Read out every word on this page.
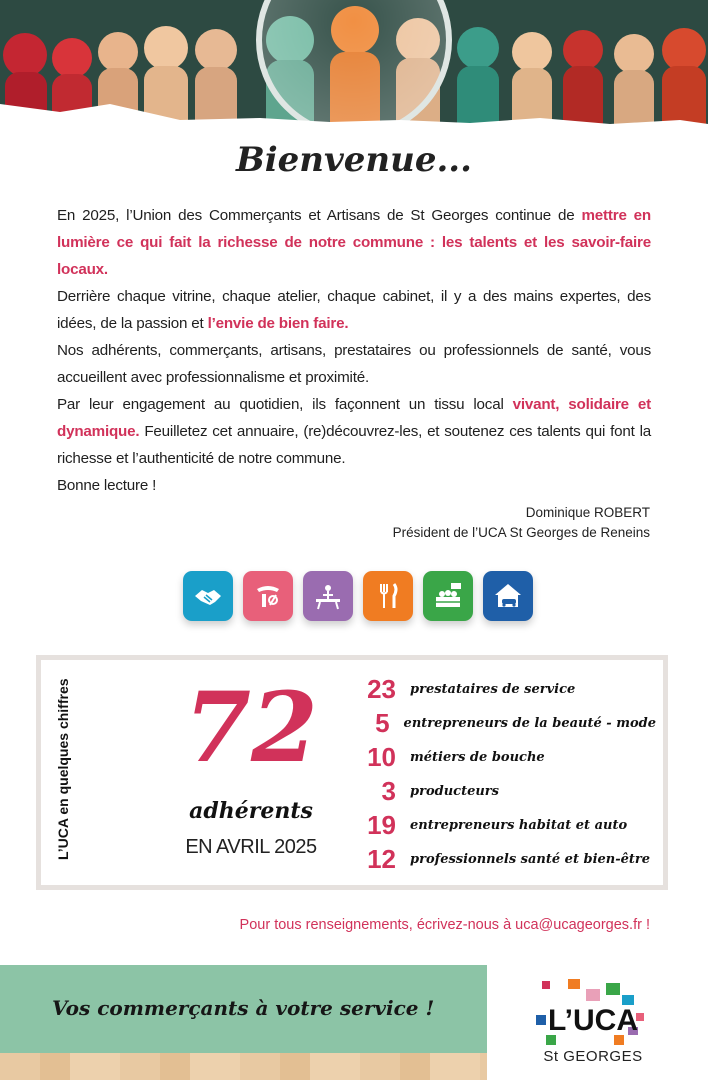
Bienvenue...

En 2025, l’Union des Commerçants et Artisans de St Georges continue de mettre en lumière ce qui fait la richesse de notre commune : les talents et les savoir-faire locaux.

Derrière chaque vitrine, chaque atelier, chaque cabinet, il y a des mains expertes, des idées, de la passion et l’envie de bien faire.

Nos adhérents, commerçants, artisans, prestataires ou professionnels de santé, vous accueillent avec professionnalisme et proximité.

Par leur engagement au quotidien, ils façonnent un tissu local vivant, solidaire et dynamique. Feuilletez cet annuaire, (re)découvrez-les, et soutenez ces talents qui font la richesse et l’authenticité de notre commune.

Bonne lecture !

Dominique ROBERT
Président de l’UCA St Georges de Reneins
L’UCA en quelques chiffres 72
adhérents
EN AVRIL 2025
23 prestataires de service
5 entrepreneurs de la beauté - mode
10 métiers de bouche
3 producteurs
19 entrepreneurs habitat et auto
12 professionnels santé et bien-être
Pour tous renseignements, écrivez-nous à uca@ucageorges.fr !
Vos commerçants à votre service !	L’UCA
St GEORGES
